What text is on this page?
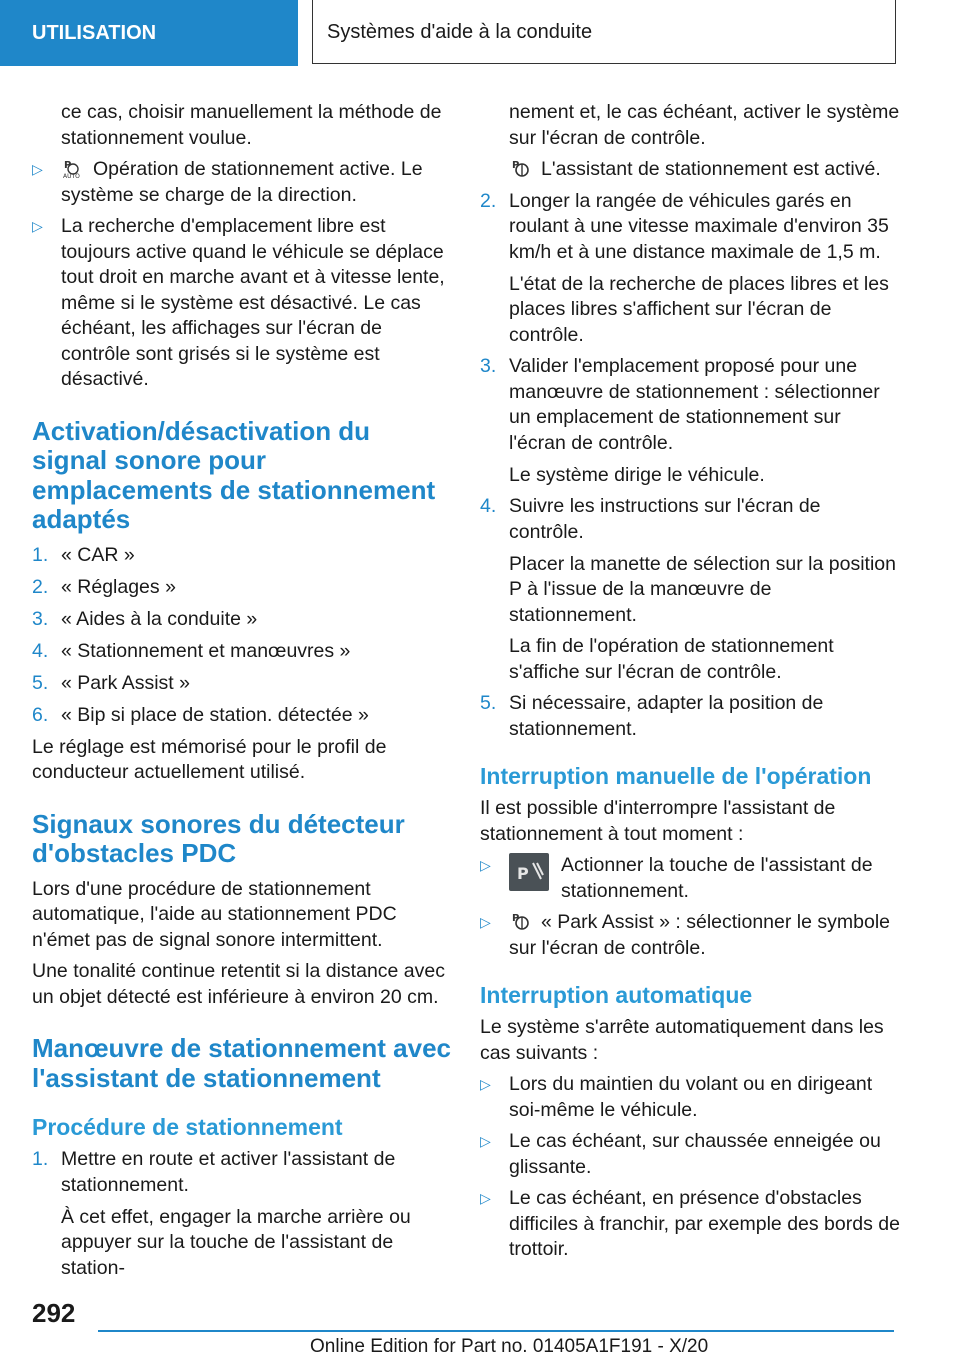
UTILISATION	Systèmes d'aide à la conduite

ce cas, choisir manuellement la méthode de stationnement voulue.

▷	P
AUTO Opération de stationnement active. Le système se charge de la direction.
▷ La recherche d'emplacement libre est toujours active quand le véhicule se déplace tout droit en marche avant et à vitesse lente, même si le système est désactivé. Le cas échéant, les affichages sur l'écran de contrôle sont grisés si le système est désactivé.
Activation/désactivation du signal sonore pour emplacements de stationnement adaptés
1. « CAR »
2. « Réglages »
3. « Aides à la conduite »
4. « Stationnement et manœuvres »
5. « Park Assist »
6. « Bip si place de station. détectée »

Le réglage est mémorisé pour le profil de conducteur actuellement utilisé.

Signaux sonores du détecteur d'obstacles PDC

Lors d'une procédure de stationnement automatique, l'aide au stationnement PDC n'émet pas de signal sonore intermittent.

Une tonalité continue retentit si la distance avec un objet détecté est inférieure à environ 20 cm.

Manœuvre de stationnement avec l'assistant de stationnement
Procédure de stationnement
1. Mettre en route et activer l'assistant de stationnement.

À cet effet, engager la marche arrière ou appuyer sur la touche de l'assistant de station-

nement et, le cas échéant, activer le système sur l'écran de contrôle.

P L'assistant de stationnement est activé.

2. Longer la rangée de véhicules garés en roulant à une vitesse maximale d'environ 35 km/h et à une distance maximale de 1,5 m.

L'état de la recherche de places libres et les places libres s'affichent sur l'écran de contrôle.

3. Valider l'emplacement proposé pour une manœuvre de stationnement : sélectionner un emplacement de stationnement sur l'écran de contrôle.

Le système dirige le véhicule.

4. Suivre les instructions sur l'écran de contrôle.

Placer la manette de sélection sur la position P à l'issue de la manœuvre de stationnement.

La fin de l'opération de stationnement s'affiche sur l'écran de contrôle.

5. Si nécessaire, adapter la position de stationnement.
Interruption manuelle de l'opération

Il est possible d'interrompre l'assistant de stationnement à tout moment :

▷	P Actionner la touche de l'assistant de stationnement.
▷	P « Park Assist » : sélectionner le symbole sur l'écran de contrôle.
Interruption automatique

Le système s'arrête automatiquement dans les cas suivants :

▷ Lors du maintien du volant ou en dirigeant soi-même le véhicule.
▷ Le cas échéant, sur chaussée enneigée ou glissante.
▷ Le cas échéant, en présence d'obstacles difficiles à franchir, par exemple des bords de trottoir.
292
Online Edition for Part no. 01405A1F191 - X/20
